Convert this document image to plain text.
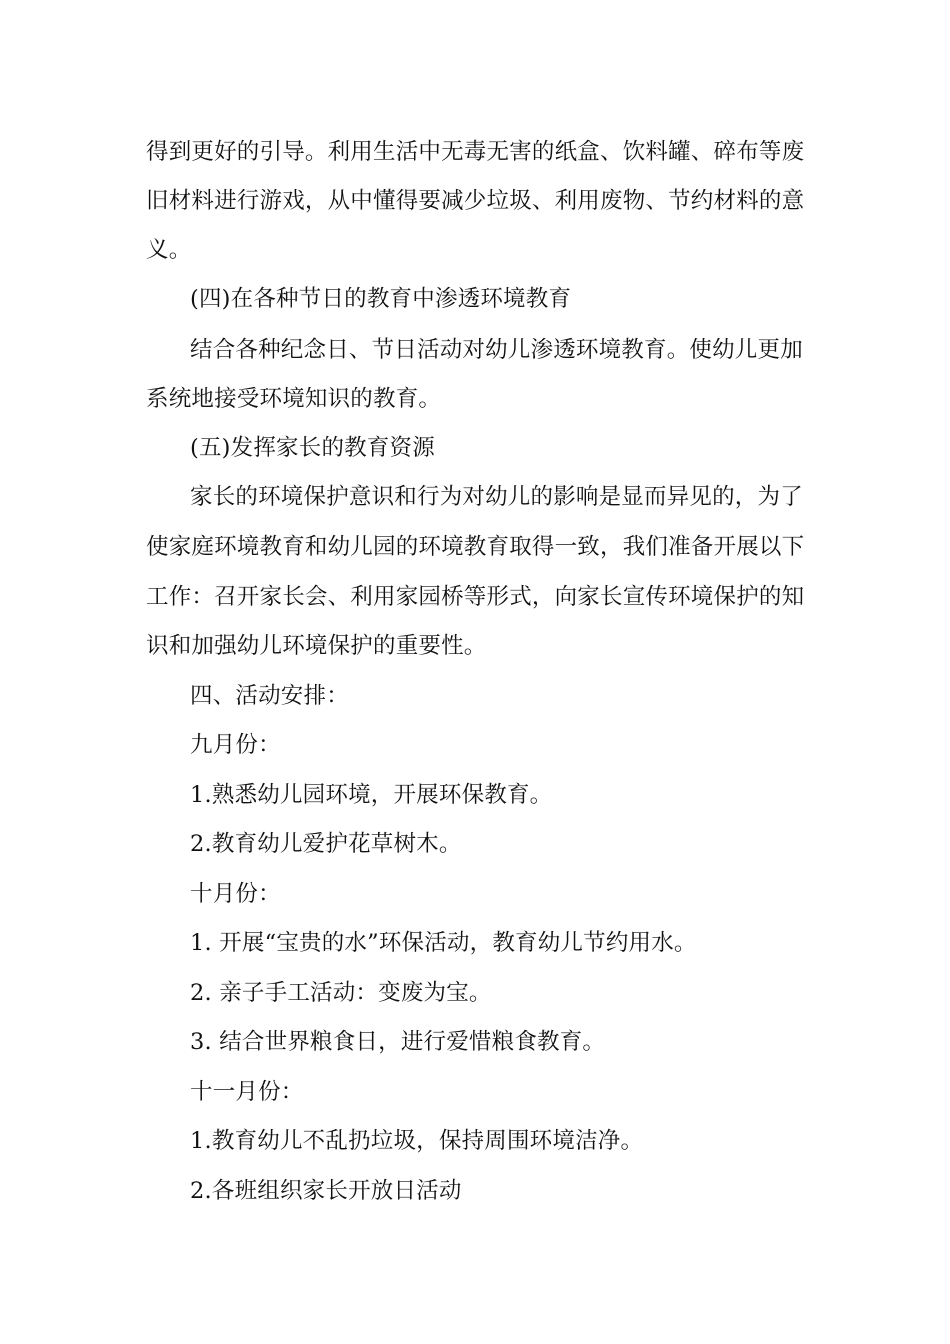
得到更好的引导。利用生活中无毒无害的纸盒、饮料罐、碎布等废
旧材料进行游戏，从中懂得要减少垃圾、利用废物、节约材料的意
义。
(四)在各种节日的教育中渗透环境教育
结合各种纪念日、节日活动对幼儿渗透环境教育。使幼儿更加
系统地接受环境知识的教育。
(五)发挥家长的教育资源
家长的环境保护意识和行为对幼儿的影响是显而异见的，为了
使家庭环境教育和幼儿园的环境教育取得一致，我们准备开展以下
工作：召开家长会、利用家园桥等形式，向家长宣传环境保护的知
识和加强幼儿环境保护的重要性。
四、活动安排：
九月份：
1.熟悉幼儿园环境，开展环保教育。
2.教育幼儿爱护花草树木。
十月份：
1. 开展“宝贵的水”环保活动，教育幼儿节约用水。
2. 亲子手工活动：变废为宝。
3. 结合世界粮食日，进行爱惜粮食教育。
十一月份：
1.教育幼儿不乱扔垃圾，保持周围环境洁净。
2.各班组织家长开放日活动
